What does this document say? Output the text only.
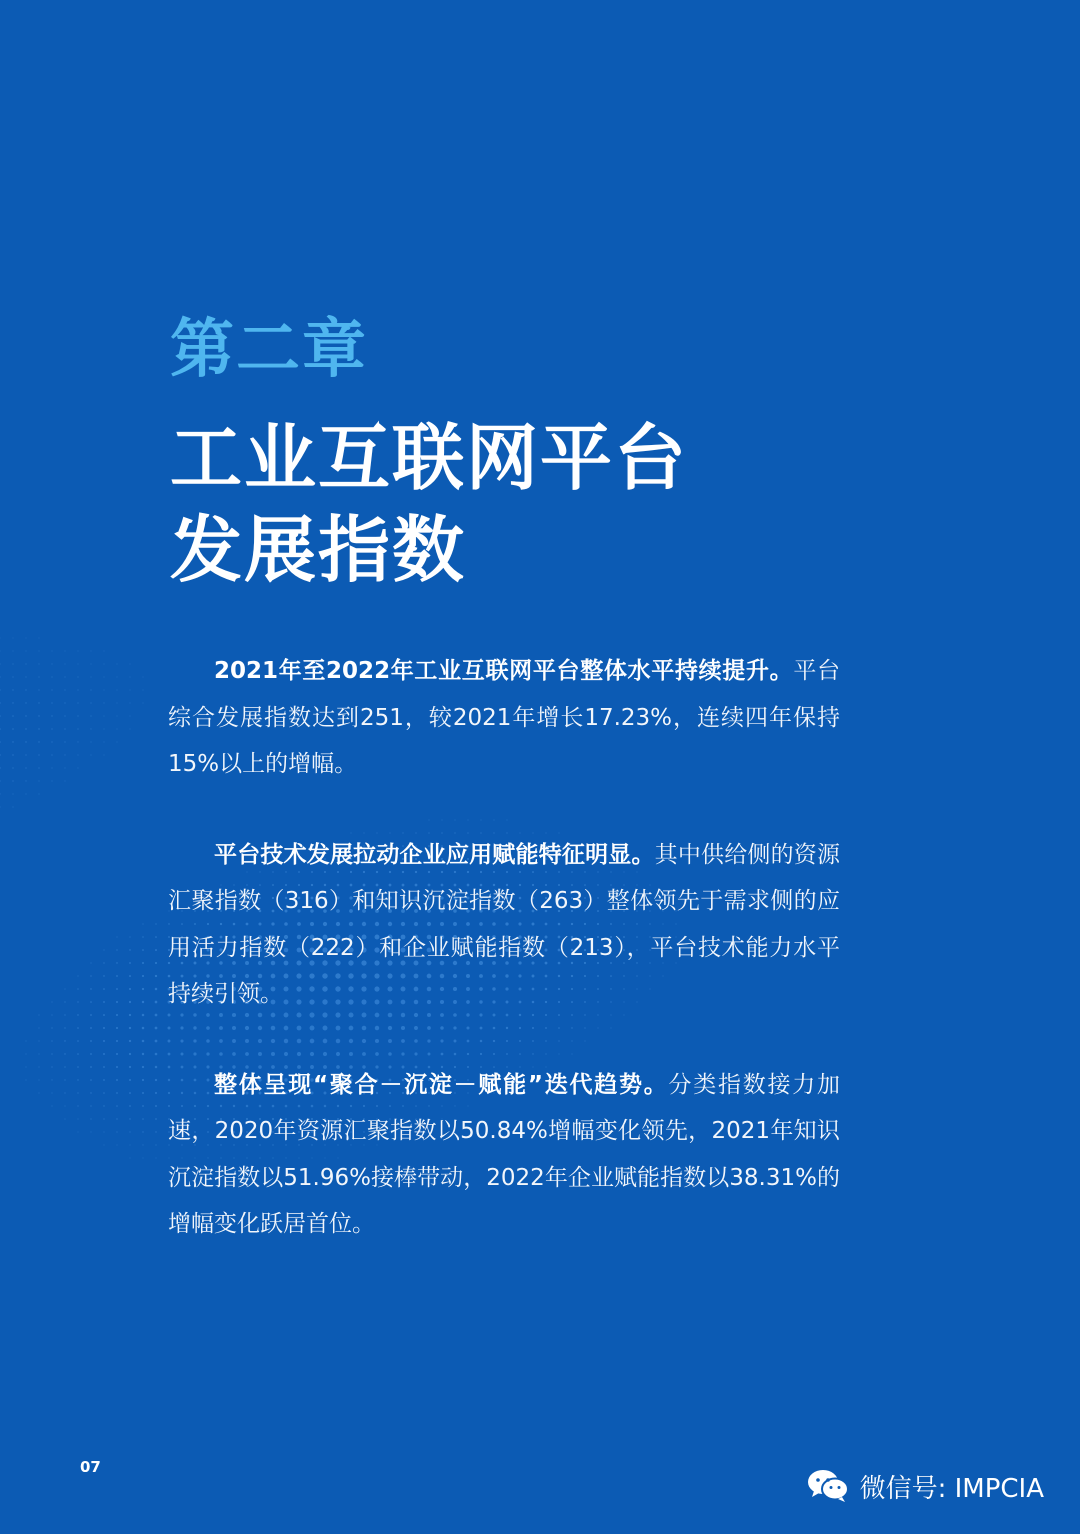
第二章
工业互联网平台
发展指数

2021年至2022年工业互联网平台整体水平持续提升。平台综合发展指数达到251，较2021年增长17.23%，连续四年保持15%以上的增幅。

平台技术发展拉动企业应用赋能特征明显。其中供给侧的资源汇聚指数（316）和知识沉淀指数（263）整体领先于需求侧的应用活力指数（222）和企业赋能指数（213），平台技术能力水平持续引领。

整体呈现“聚合－沉淀－赋能”迭代趋势。分类指数接力加速，2020年资源汇聚指数以50.84%增幅变化领先，2021年知识沉淀指数以51.96%接棒带动，2022年企业赋能指数以38.31%的增幅变化跃居首位。

07
微信号: IMPCIA
